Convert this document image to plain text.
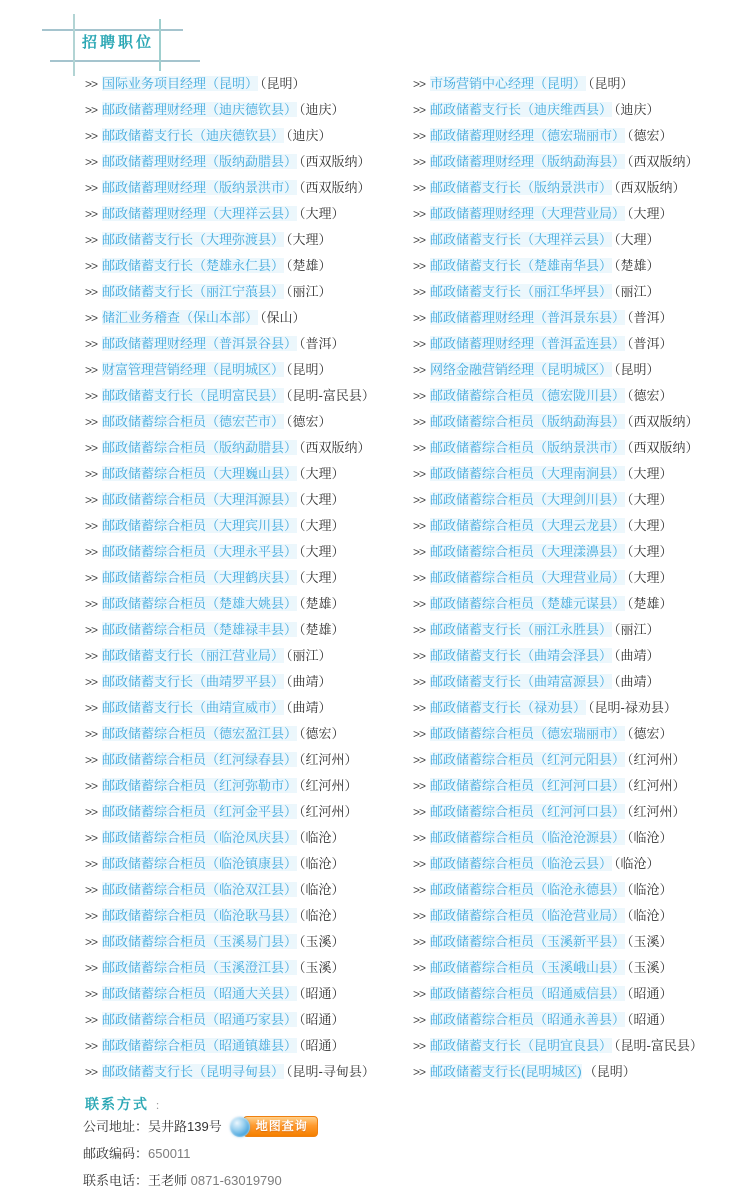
招聘职位
>> 国际业务项目经理（昆明） （昆明）
>> 邮政储蓄理财经理（迪庆德钦县） （迪庆）
>> 邮政储蓄支行长（迪庆德钦县） （迪庆）
>> 邮政储蓄理财经理（版纳勐腊县） （西双版纳）
>> 邮政储蓄理财经理（版纳景洪市） （西双版纳）
>> 邮政储蓄理财经理（大理祥云县） （大理）
>> 邮政储蓄支行长（大理弥渡县） （大理）
>> 邮政储蓄支行长（楚雄永仁县） （楚雄）
>> 邮政储蓄支行长（丽江宁蒗县） （丽江）
>> 储汇业务稽查（保山本部） （保山）
>> 邮政储蓄理财经理（普洱景谷县） （普洱）
>> 财富管理营销经理（昆明城区） （昆明）
>> 邮政储蓄支行长（昆明富民县） （昆明-富民县）
>> 邮政储蓄综合柜员（德宏芒市） （德宏）
>> 邮政储蓄综合柜员（版纳勐腊县） （西双版纳）
>> 邮政储蓄综合柜员（大理巍山县） （大理）
>> 邮政储蓄综合柜员（大理洱源县） （大理）
>> 邮政储蓄综合柜员（大理宾川县） （大理）
>> 邮政储蓄综合柜员（大理永平县） （大理）
>> 邮政储蓄综合柜员（大理鹤庆县） （大理）
>> 邮政储蓄综合柜员（楚雄大姚县） （楚雄）
>> 邮政储蓄综合柜员（楚雄禄丰县） （楚雄）
>> 邮政储蓄支行长（丽江营业局） （丽江）
>> 邮政储蓄支行长（曲靖罗平县） （曲靖）
>> 邮政储蓄支行长（曲靖宣威市） （曲靖）
>> 邮政储蓄综合柜员（德宏盈江县） （德宏）
>> 邮政储蓄综合柜员（红河绿春县） （红河州）
>> 邮政储蓄综合柜员（红河弥勒市） （红河州）
>> 邮政储蓄综合柜员（红河金平县） （红河州）
>> 邮政储蓄综合柜员（临沧凤庆县） （临沧）
>> 邮政储蓄综合柜员（临沧镇康县） （临沧）
>> 邮政储蓄综合柜员（临沧双江县） （临沧）
>> 邮政储蓄综合柜员（临沧耿马县） （临沧）
>> 邮政储蓄综合柜员（玉溪易门县） （玉溪）
>> 邮政储蓄综合柜员（玉溪澄江县） （玉溪）
>> 邮政储蓄综合柜员（昭通大关县） （昭通）
>> 邮政储蓄综合柜员（昭通巧家县） （昭通）
>> 邮政储蓄综合柜员（昭通镇雄县） （昭通）
>> 邮政储蓄支行长（昆明寻甸县） （昆明-寻甸县）
>> 市场营销中心经理（昆明） （昆明）
>> 邮政储蓄支行长（迪庆维西县） （迪庆）
>> 邮政储蓄理财经理（德宏瑞丽市） （德宏）
>> 邮政储蓄理财经理（版纳勐海县） （西双版纳）
>> 邮政储蓄支行长（版纳景洪市） （西双版纳）
>> 邮政储蓄理财经理（大理营业局） （大理）
>> 邮政储蓄支行长（大理祥云县） （大理）
>> 邮政储蓄支行长（楚雄南华县） （楚雄）
>> 邮政储蓄支行长（丽江华坪县） （丽江）
>> 邮政储蓄理财经理（普洱景东县） （普洱）
>> 邮政储蓄理财经理（普洱孟连县） （普洱）
>> 网络金融营销经理（昆明城区） （昆明）
>> 邮政储蓄综合柜员（德宏陇川县） （德宏）
>> 邮政储蓄综合柜员（版纳勐海县） （西双版纳）
>> 邮政储蓄综合柜员（版纳景洪市） （西双版纳）
>> 邮政储蓄综合柜员（大理南涧县） （大理）
>> 邮政储蓄综合柜员（大理剑川县） （大理）
>> 邮政储蓄综合柜员（大理云龙县） （大理）
>> 邮政储蓄综合柜员（大理漾濞县） （大理）
>> 邮政储蓄综合柜员（大理营业局） （大理）
>> 邮政储蓄综合柜员（楚雄元谋县） （楚雄）
>> 邮政储蓄支行长（丽江永胜县） （丽江）
>> 邮政储蓄支行长（曲靖会泽县） （曲靖）
>> 邮政储蓄支行长（曲靖富源县） （曲靖）
>> 邮政储蓄支行长（禄劝县） （昆明-禄劝县）
>> 邮政储蓄综合柜员（德宏瑞丽市） （德宏）
>> 邮政储蓄综合柜员（红河元阳县） （红河州）
>> 邮政储蓄综合柜员（红河河口县） （红河州）
>> 邮政储蓄综合柜员（红河河口县） （红河州）
>> 邮政储蓄综合柜员（临沧沧源县） （临沧）
>> 邮政储蓄综合柜员（临沧云县） （临沧）
>> 邮政储蓄综合柜员（临沧永德县） （临沧）
>> 邮政储蓄综合柜员（临沧营业局） （临沧）
>> 邮政储蓄综合柜员（玉溪新平县） （玉溪）
>> 邮政储蓄综合柜员（玉溪峨山县） （玉溪）
>> 邮政储蓄综合柜员（昭通威信县） （昭通）
>> 邮政储蓄综合柜员（昭通永善县） （昭通）
>> 邮政储蓄支行长（昆明宜良县） （昆明-富民县）
>> 邮政储蓄支行长(昆明城区) （昆明）
联系方式 ：
公司地址：吴井路139号	地图查询
邮政编码：650011
联系电话：王老师 0871-63019790
